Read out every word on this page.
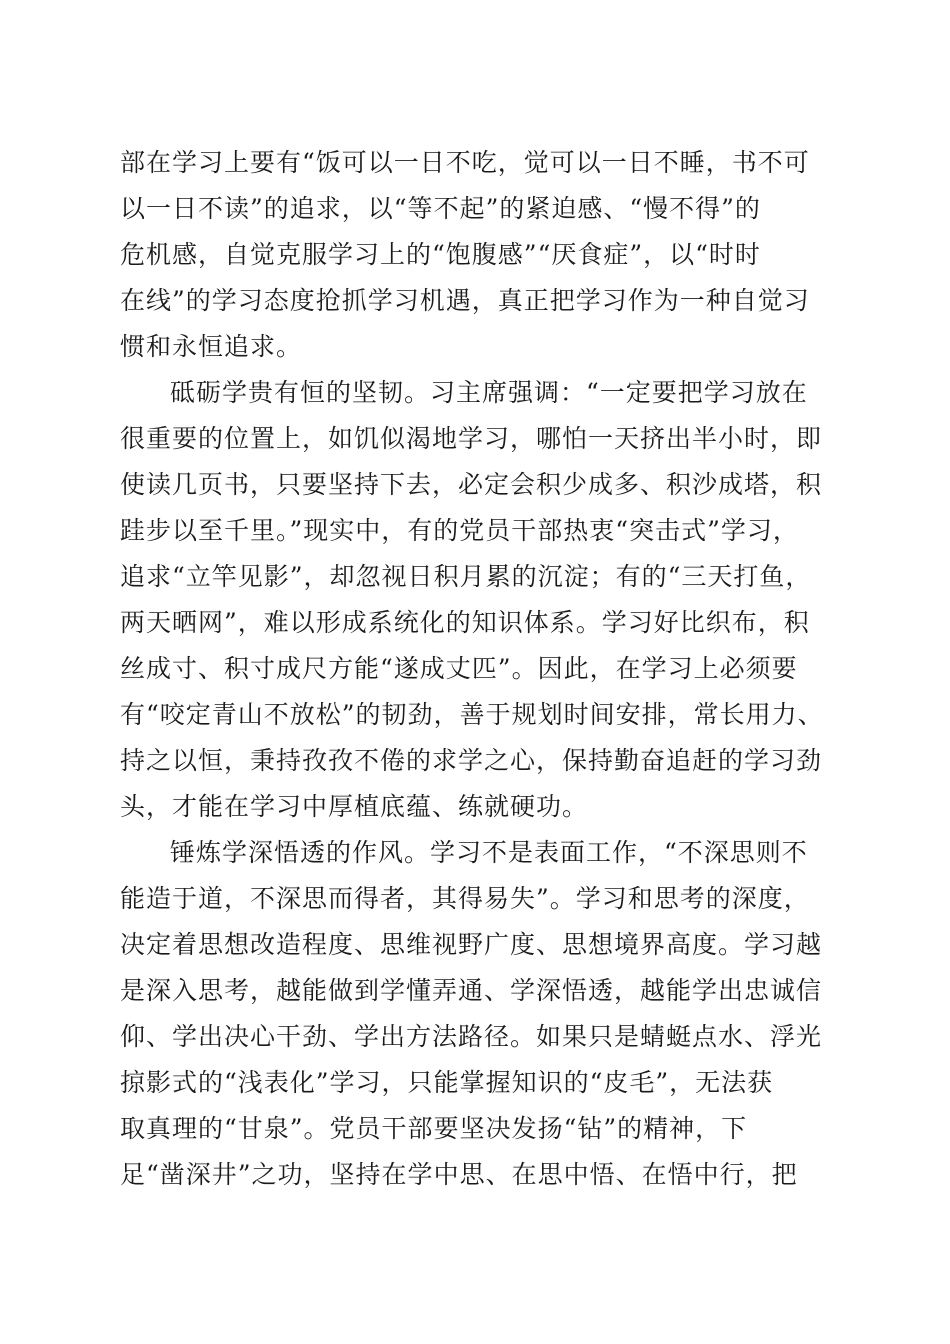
部在学习上要有“饭可以一日不吃，觉可以一日不睡，书不可
以一日不读”的追求，以“等不起”的紧迫感、“慢不得”的
危机感，自觉克服学习上的“饱腹感”“厌食症”，以“时时
在线”的学习态度抢抓学习机遇，真正把学习作为一种自觉习
惯和永恒追求。
砥砺学贵有恒的坚韧。习主席强调：“一定要把学习放在
很重要的位置上，如饥似渴地学习，哪怕一天挤出半小时，即
使读几页书，只要坚持下去，必定会积少成多、积沙成塔，积
跬步以至千里。”现实中，有的党员干部热衷“突击式”学习，
追求“立竿见影”，却忽视日积月累的沉淀；有的“三天打鱼，
两天晒网”，难以形成系统化的知识体系。学习好比织布，积
丝成寸、积寸成尺方能“遂成丈匹”。因此，在学习上必须要
有“咬定青山不放松”的韧劲，善于规划时间安排，常长用力、
持之以恒，秉持孜孜不倦的求学之心，保持勤奋追赶的学习劲
头，才能在学习中厚植底蕴、练就硬功。
锤炼学深悟透的作风。学习不是表面工作，“不深思则不
能造于道，不深思而得者，其得易失”。学习和思考的深度，
决定着思想改造程度、思维视野广度、思想境界高度。学习越
是深入思考，越能做到学懂弄通、学深悟透，越能学出忠诚信
仰、学出决心干劲、学出方法路径。如果只是蜻蜓点水、浮光
掠影式的“浅表化”学习，只能掌握知识的“皮毛”，无法获
取真理的“甘泉”。党员干部要坚决发扬“钻”的精神，下
足“凿深井”之功，坚持在学中思、在思中悟、在悟中行，把
